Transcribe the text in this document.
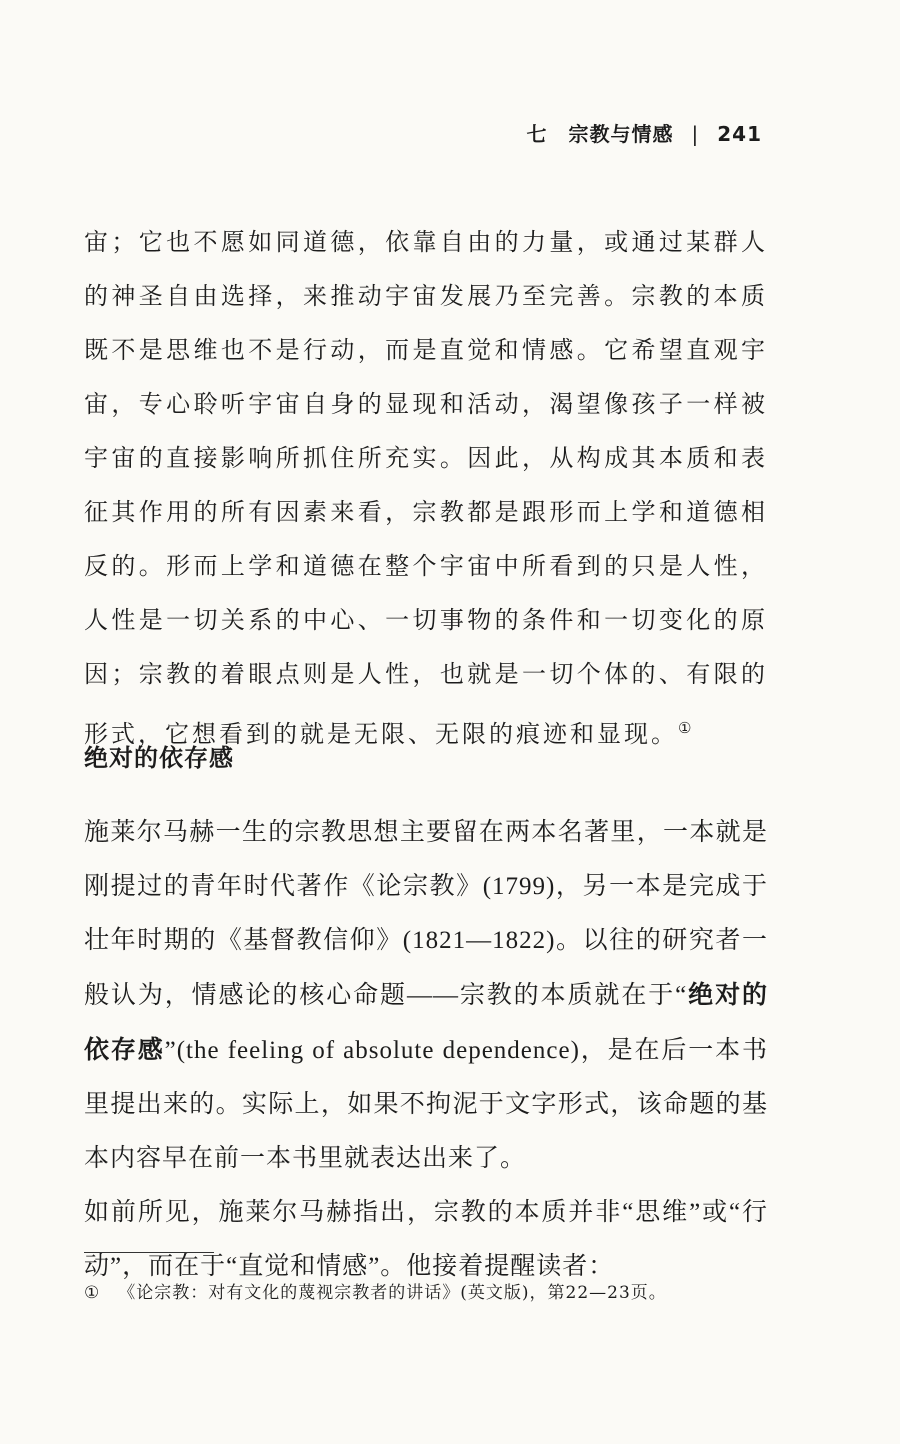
七　宗教与情感 | 241
宙；它也不愿如同道德，依靠自由的力量，或通过某群人的神圣自由选择，来推动宇宙发展乃至完善。宗教的本质既不是思维也不是行动，而是直觉和情感。它希望直观宇宙，专心聆听宇宙自身的显现和活动，渴望像孩子一样被宇宙的直接影响所抓住所充实。因此，从构成其本质和表征其作用的所有因素来看，宗教都是跟形而上学和道德相反的。形而上学和道德在整个宇宙中所看到的只是人性，人性是一切关系的中心、一切事物的条件和一切变化的原因；宗教的着眼点则是人性，也就是一切个体的、有限的形式，它想看到的就是无限、无限的痕迹和显现。①
绝对的依存感

施莱尔马赫一生的宗教思想主要留在两本名著里，一本就是刚提过的青年时代著作《论宗教》(1799)，另一本是完成于壮年时期的《基督教信仰》(1821—1822)。以往的研究者一般认为，情感论的核心命题——宗教的本质就在于“绝对的依存感”(the feeling of absolute dependence)，是在后一本书里提出来的。实际上，如果不拘泥于文字形式，该命题的基本内容早在前一本书里就表达出来了。

如前所见，施莱尔马赫指出，宗教的本质并非“思维”或“行动”，而在于“直觉和情感”。他接着提醒读者：

① 《论宗教：对有文化的蔑视宗教者的讲话》(英文版)，第22—23页。
